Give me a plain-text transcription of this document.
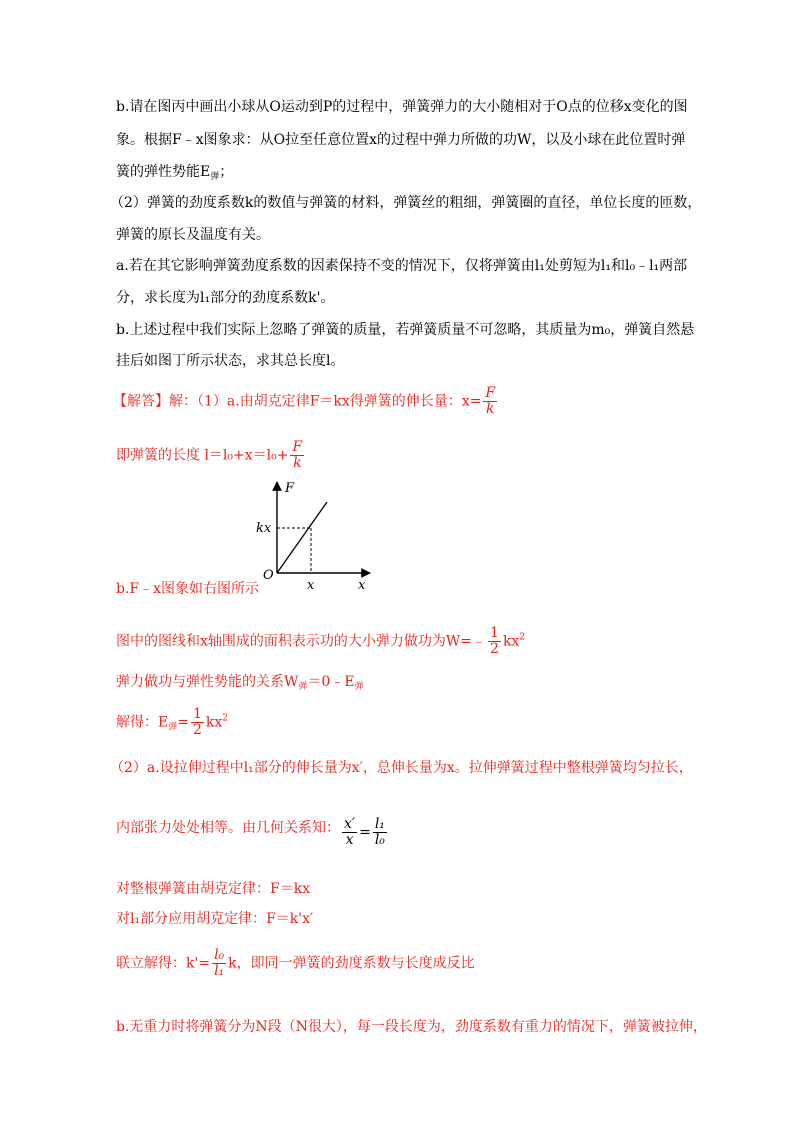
b.请在图丙中画出小球从O运动到P的过程中，弹簧弹力的大小随相对于O点的位移x变化的图
象。根据F﹣x图象求：从O拉至任意位置x的过程中弹力所做的功W，以及小球在此位置时弹
簧的弹性势能$E_弹$；
（2）弹簧的劲度系数k的数值与弹簧的材料，弹簧丝的粗细，弹簧圈的直径，单位长度的匝数，
弹簧的原长及温度有关。
a.若在其它影响弹簧劲度系数的因素保持不变的情况下，仅将弹簧由l₁处剪短为l₁和l₀﹣l₁两部
分，求长度为l₁部分的劲度系数k'。
b.上述过程中我们实际上忽略了弹簧的质量，若弹簧质量不可忽略，其质量为m₀，弹簧自然悬
挂后如图丁所示状态，求其总长度l。
【解答】解：（1）a.由胡克定律F＝kx得弹簧的伸长量：$x= \frac{F}{k}$
即弹簧的长度 $l=l_0+x=l_0+ \frac{F}{k}$
F
kx
O
x	x
b.F﹣x图象如右图所示
图中的图线和x轴围成的面积表示功的大小弹力做功为W=﹣ $\frac{1}{2} kx^2$
弹力做功与弹性势能的关系$W_弹=0﹣E_弹$
解得：$E_弹= \frac{1}{2} kx^2$
（2）a.设拉伸过程中l₁部分的伸长量为x′，总伸长量为x。拉伸弹簧过程中整根弹簧均匀拉长，
内部张力处处相等。由几何关系知： $\frac{x'}{x} = \frac{\text{l₁}}{\text{l₀}}$
对整根弹簧由胡克定律：F＝kx
对l₁部分应用胡克定律：F＝k'x′
联立解得：$k'= \frac{\text{l₀}}{\text{l₁}}$ k，即同一弹簧的劲度系数与长度成反比
b.无重力时将弹簧分为N段（N很大），每一段长度为，劲度系数有重力的情况下，弹簧被拉伸，
